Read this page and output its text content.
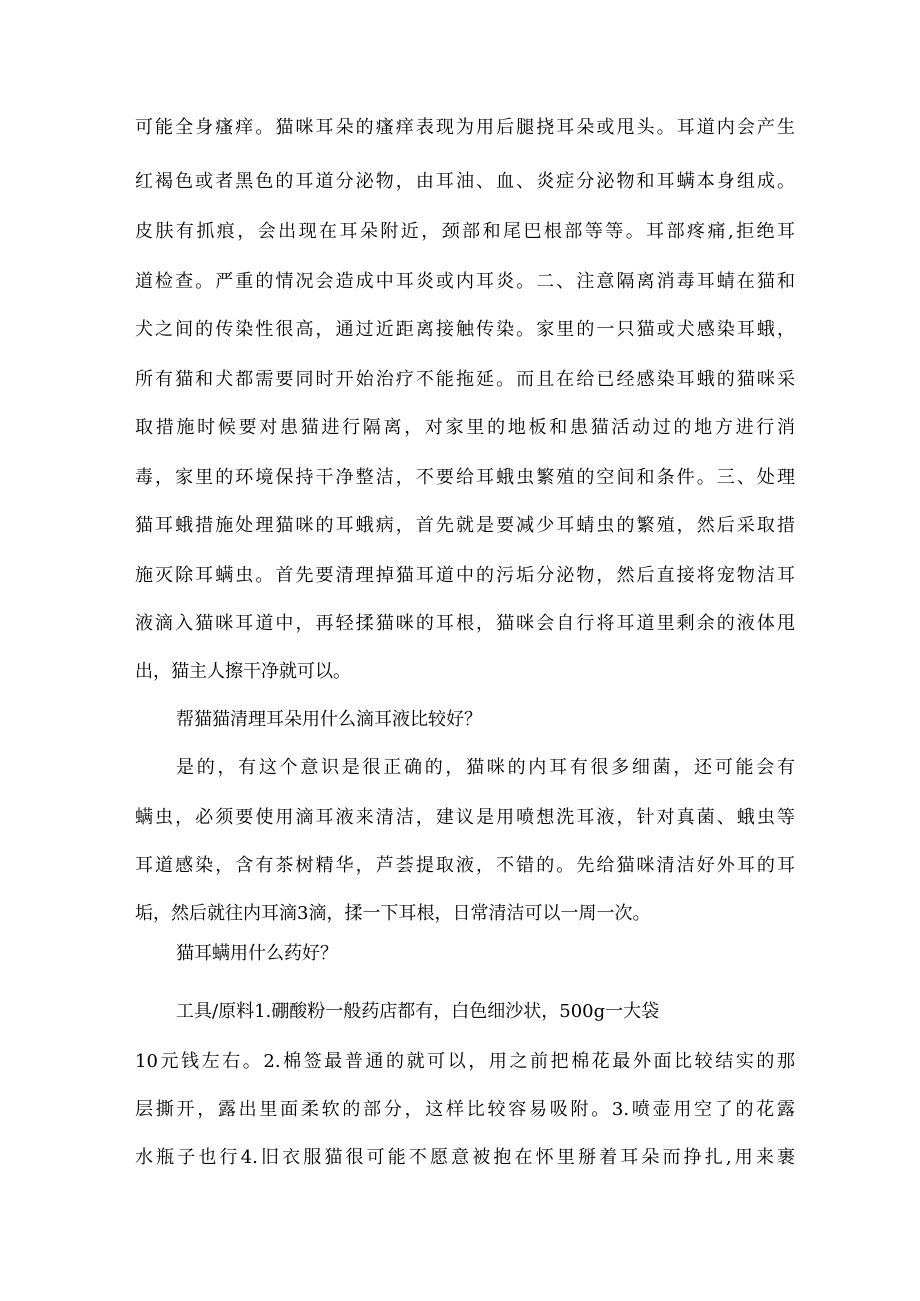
可能全身瘙痒。猫咪耳朵的瘙痒表现为用后腿挠耳朵或甩头。耳道内会产生
红褐色或者黑色的耳道分泌物，由耳油、血、炎症分泌物和耳螨本身组成。
皮肤有抓痕，会出现在耳朵附近，颈部和尾巴根部等等。耳部疼痛,拒绝耳
道检查。严重的情况会造成中耳炎或内耳炎。二、注意隔离消毒耳蜻在猫和
犬之间的传染性很高，通过近距离接触传染。家里的一只猫或犬感染耳蛾，
所有猫和犬都需要同时开始治疗不能拖延。而且在给已经感染耳蛾的猫咪采
取措施时候要对患猫进行隔离，对家里的地板和患猫活动过的地方进行消
毒，家里的环境保持干净整洁，不要给耳蛾虫繁殖的空间和条件。三、处理
猫耳蛾措施处理猫咪的耳蛾病，首先就是要减少耳蜻虫的繁殖，然后采取措
施灭除耳螨虫。首先要清理掉猫耳道中的污垢分泌物，然后直接将宠物洁耳
液滴入猫咪耳道中，再轻揉猫咪的耳根，猫咪会自行将耳道里剩余的液体甩
出，猫主人擦干净就可以。
帮猫猫清理耳朵用什么滴耳液比较好？
是的，有这个意识是很正确的，猫咪的内耳有很多细菌，还可能会有
螨虫，必须要使用滴耳液来清洁，建议是用喷想洗耳液，针对真菌、蛾虫等
耳道感染，含有茶树精华，芦荟提取液，不错的。先给猫咪清洁好外耳的耳
垢，然后就往内耳滴3滴，揉一下耳根，日常清洁可以一周一次。
猫耳螨用什么药好？
工具/原料1.硼酸粉一般药店都有，白色细沙状，500g一大袋
10元钱左右。2.棉签最普通的就可以，用之前把棉花最外面比较结实的那
层撕开，露出里面柔软的部分，这样比较容易吸附。3.喷壶用空了的花露
水瓶子也行4.旧衣服猫很可能不愿意被抱在怀里掰着耳朵而挣扎,用来裹
